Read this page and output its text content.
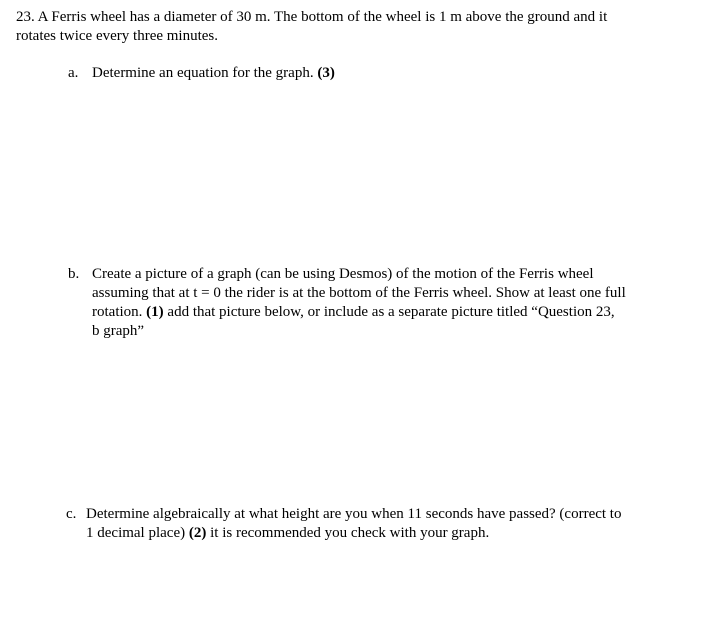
23. A Ferris wheel has a diameter of 30 m. The bottom of the wheel is 1 m above the ground and it
rotates twice every three minutes.
a. Determine an equation for the graph. (3)
b. Create a picture of a graph (can be using Desmos) of the motion of the Ferris wheel
assuming that at t = 0 the rider is at the bottom of the Ferris wheel. Show at least one full
rotation. (1) add that picture below, or include as a separate picture titled “Question 23,
b graph”
c. Determine algebraically at what height are you when 11 seconds have passed? (correct to
1 decimal place) (2) it is recommended you check with your graph.
